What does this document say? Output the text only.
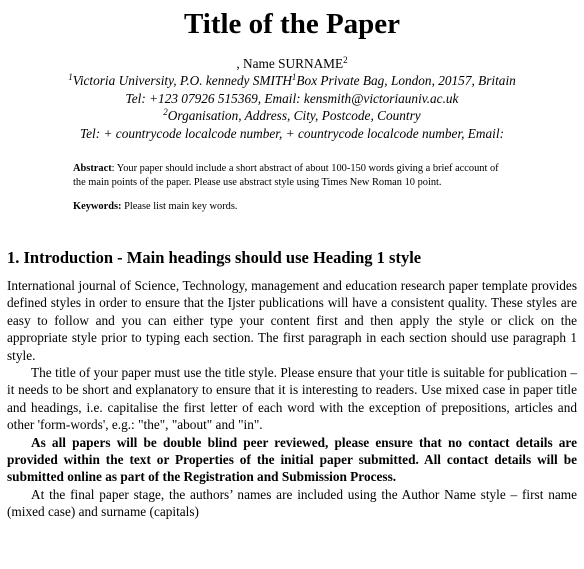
Title of the Paper
, Name SURNAME$^2$
$^1$Victoria University, P.O. kennedy SMITH$^1$Box Private Bag, London, 20157, Britain
Tel: +123 07926 515369, Email: kensmith@victoriauniv.ac.uk
$^2$Organisation, Address, City, Postcode, Country
Tel: + countrycode localcode number, + countrycode localcode number, Email:

Abstract: Your paper should include a short abstract of about 100-150 words giving a brief account of the main points of the paper. Please use abstract style using Times New Roman 10 point.

Keywords: Please list main key words.

1. Introduction - Main headings should use Heading 1 style

International journal of Science, Technology, management and education research paper template provides defined styles in order to ensure that the Ijster publications will have a consistent quality. These styles are easy to follow and you can either type your content first and then apply the style or click on the appropriate style prior to typing each section. The first paragraph in each section should use paragraph 1 style.

The title of your paper must use the title style. Please ensure that your title is suitable for publication – it needs to be short and explanatory to ensure that it is interesting to readers. Use mixed case in paper title and headings, i.e. capitalise the first letter of each word with the exception of prepositions, articles and other 'form-words', e.g.: "the", "about" and "in".

As all papers will be double blind peer reviewed, please ensure that no contact details are provided within the text or Properties of the initial paper submitted. All contact details will be submitted online as part of the Registration and Submission Process.

At the final paper stage, the authors’ names are included using the Author Name style – first name (mixed case) and surname (capitals)
